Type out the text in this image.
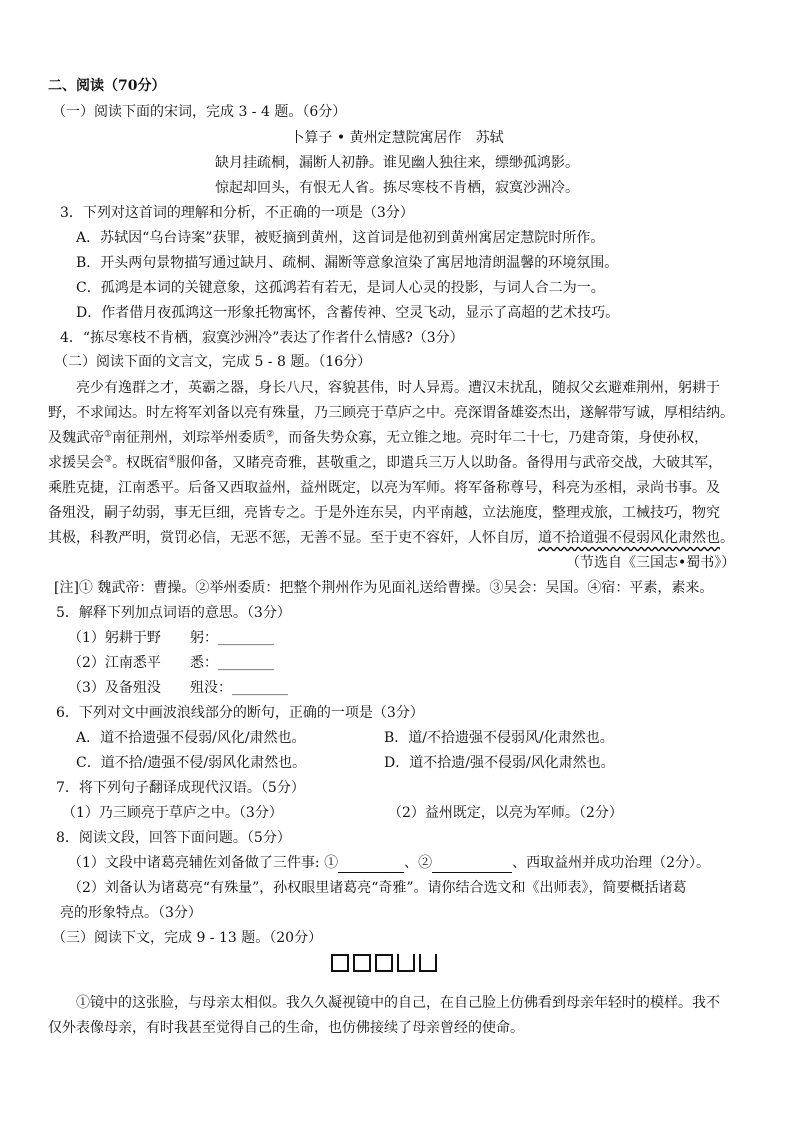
二、阅读（70分）
（一）阅读下面的宋词，完成 3 - 4 题。（6分）
卜算子 • 黄州定慧院寓居作　苏轼
缺月挂疏桐，漏断人初静。谁见幽人独往来，缥缈孤鸿影。
惊起却回头，有恨无人省。拣尽寒枝不肯栖，寂寞沙洲冷。
3．下列对这首词的理解和分析，不正确的一项是（3分）
A．苏轼因“乌台诗案”获罪，被贬摘到黄州，这首词是他初到黄州寓居定慧院时所作。
B．开头两句景物描写通过缺月、疏桐、漏断等意象渲染了寓居地清朗温馨的环境氛围。
C．孤鸿是本词的关键意象，这孤鸿若有若无，是词人心灵的投影，与词人合二为一。
D．作者借月夜孤鸿这一形象托物寓怀，含蓄传神、空灵飞动，显示了高超的艺术技巧。
4．“拣尽寒枝不肯栖，寂寞沙洲冷”表达了作者什么情感?（3分）
（二）阅读下面的文言文，完成 5 - 8 题。（16分）
亮少有逸群之才，英霸之器，身长八尺，容貌甚伟，时人异焉。遭汉末扰乱，随叔父玄避难荆州，躬耕于
野，不求闻达。时左将军刘备以亮有殊量，乃三顾亮于草庐之中。亮深谓备雄姿杰出，遂解带写诚，厚相结纳。
及魏武帝①南征荆州，刘琮举州委质②，而备失势众寡，无立锥之地。亮时年二十七，乃建奇策，身使孙权，
求援吴会③。权既宿④服仰备，又睹亮奇雅，甚敬重之，即遣兵三万人以助备。备得用与武帝交战，大破其军，
乘胜克捷，江南悉平。后备又西取益州，益州既定，以亮为军师。将军备称尊号，科亮为丞相，录尚书事。及
备殂没，嗣子幼弱，事无巨细，亮皆专之。于是外连东吴，内平南越，立法施度，整理戎旅，工械技巧，物究
其极，科教严明，赏罚必信，无恶不惩，无善不显。至于吏不容奸，人怀自厉，道不拾道强不侵弱风化肃然也。
（节选自《三国志•蜀书》）
[注]① 魏武帝：曹操。②举州委质：把整个荆州作为见面礼送给曹操。③吴会：吴国。④宿：平素，素来。
5．解释下列加点词语的意思。（3分）
（1）躬耕于野 躬：________
（2）江南悉平 悉：________
（3）及备殂没 殂没：________
6．下列对文中画波浪线部分的断句，正确的一项是（3分）
A．道不拾遗强不侵弱/风化/肃然也。	B．道/不拾遗强不侵弱风/化肃然也。
C．道不拾/遗强不侵/弱风化肃然也。	D．道不拾遗/强不侵弱/风化肃然也。
7．将下列句子翻译成现代汉语。（5分）
（1）乃三顾亮于草庐之中。（3分）	（2）益州既定，以亮为军师。（2分）
8．阅读文段，回答下面问题。（5分）
（1）文段中诸葛亮辅佐刘备做了三件事: ①	、②	、西取益州并成功治理（2分）。
（2）刘备认为诸葛亮“有殊量”，孙权眼里诸葛亮“奇雅”。请你结合选文和《出师表》，简要概括诸葛
亮的形象特点。（3分）
（三）阅读下文，完成 9 - 13 题。（20分）
①镜中的这张脸，与母亲太相似。我久久凝视镜中的自己，在自己脸上仿佛看到母亲年轻时的模样。我不
仅外表像母亲，有时我甚至觉得自己的生命，也仿佛接续了母亲曾经的使命。
